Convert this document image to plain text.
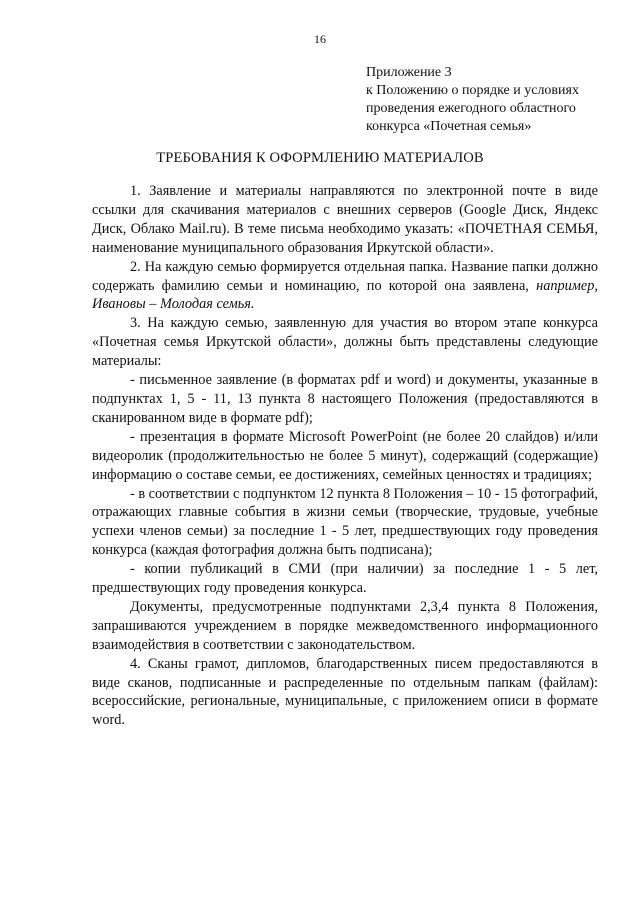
16
Приложение 3
к Положению о порядке и условиях
проведения ежегодного областного
конкурса «Почетная семья»
ТРЕБОВАНИЯ К ОФОРМЛЕНИЮ МАТЕРИАЛОВ

1. Заявление и материалы направляются по электронной почте в виде ссылки для скачивания материалов с внешних серверов (Google Диск, Яндекс Диск, Облако Mail.ru). В теме письма необходимо указать: «ПОЧЕТНАЯ СЕМЬЯ, наименование муниципального образования Иркутской области».

2. На каждую семью формируется отдельная папка. Название папки должно содержать фамилию семьи и номинацию, по которой она заявлена, например, Ивановы – Молодая семья.

3. На каждую семью, заявленную для участия во втором этапе конкурса «Почетная семья Иркутской области», должны быть представлены следующие материалы:

- письменное заявление (в форматах pdf и word) и документы, указанные в подпунктах 1, 5 - 11, 13 пункта 8 настоящего Положения (предоставляются в сканированном виде в формате pdf);

- презентация в формате Microsoft PowerPoint (не более 20 слайдов) и/или видеоролик (продолжительностью не более 5 минут), содержащий (содержащие) информацию о составе семьи, ее достижениях, семейных ценностях и традициях;

- в соответствии с подпунктом 12 пункта 8 Положения – 10 - 15 фотографий, отражающих главные события в жизни семьи (творческие, трудовые, учебные успехи членов семьи) за последние 1 - 5 лет, предшествующих году проведения конкурса (каждая фотография должна быть подписана);

- копии публикаций в СМИ (при наличии) за последние 1 - 5 лет, предшествующих году проведения конкурса.

Документы, предусмотренные подпунктами 2,3,4 пункта 8 Положения, запрашиваются учреждением в порядке межведомственного информационного взаимодействия в соответствии с законодательством.

4. Сканы грамот, дипломов, благодарственных писем предоставляются в виде сканов, подписанные и распределенные по отдельным папкам (файлам): всероссийские, региональные, муниципальные, с приложением описи в формате word.
